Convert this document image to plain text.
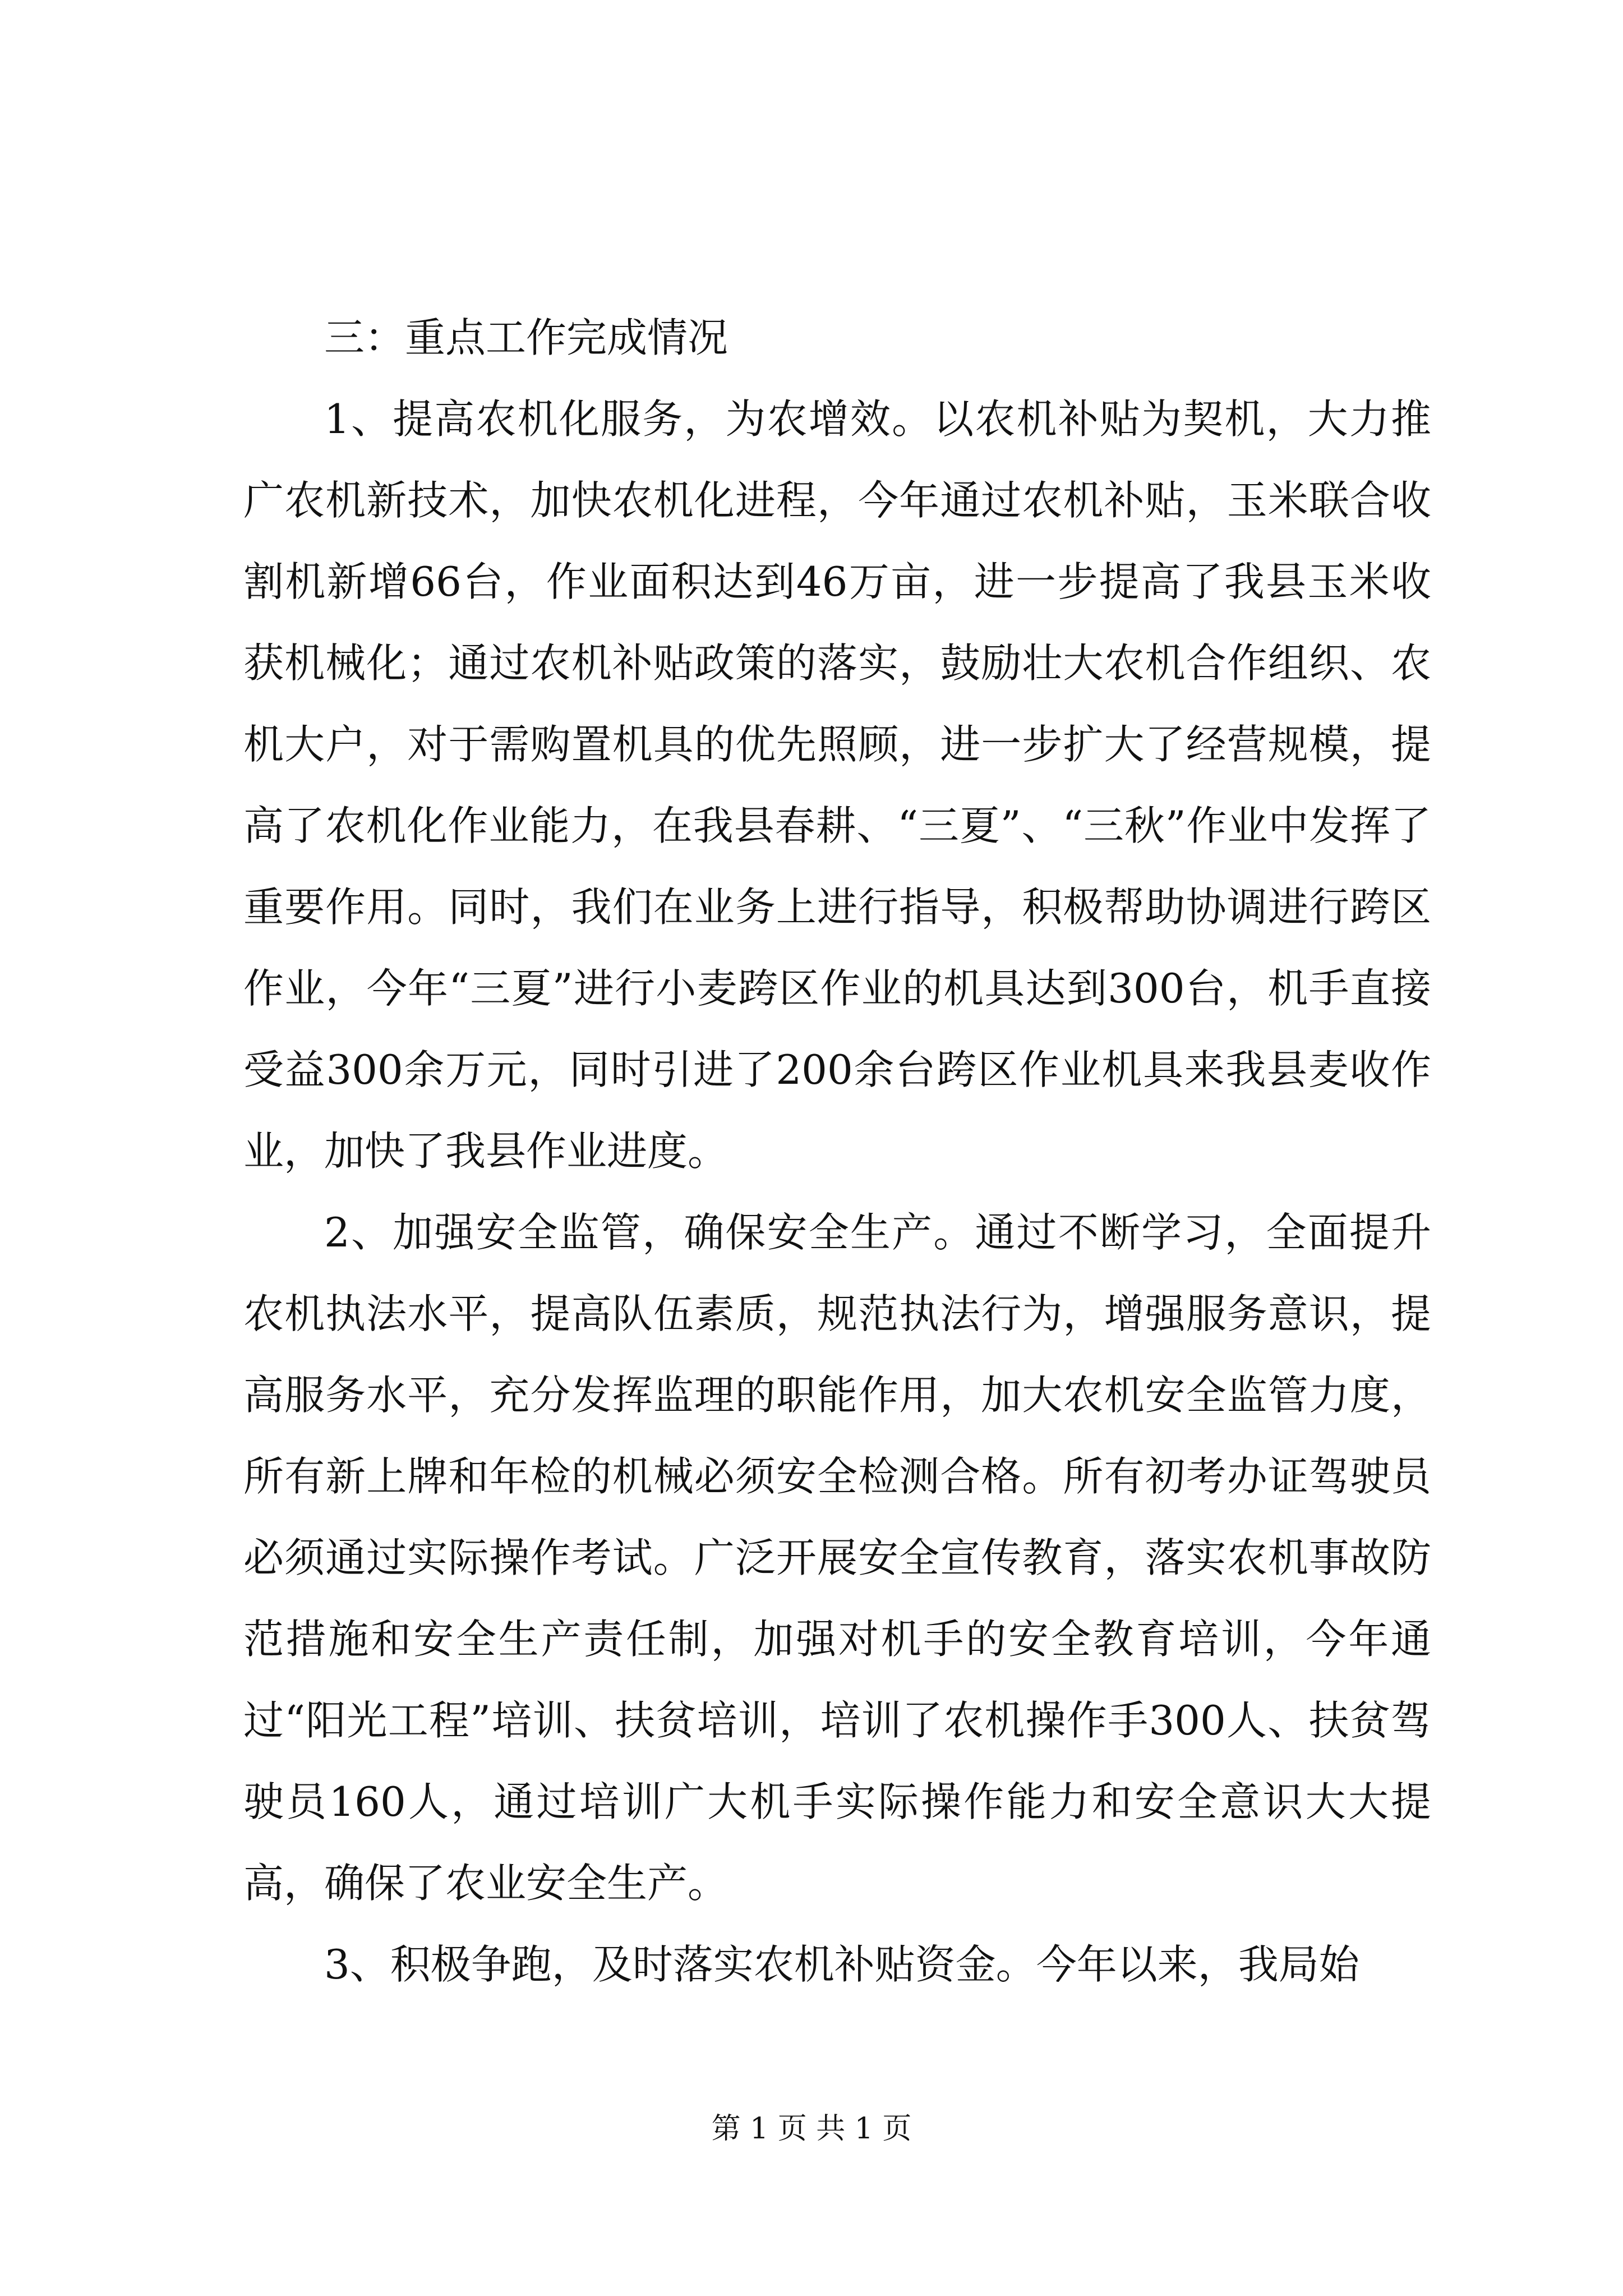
三：重点工作完成情况

1、提高农机化服务，为农增效。以农机补贴为契机，大力推广农机新技术，加快农机化进程，今年通过农机补贴，玉米联合收割机新增66台，作业面积达到46万亩，进一步提高了我县玉米收获机械化；通过农机补贴政策的落实，鼓励壮大农机合作组织、农机大户，对于需购置机具的优先照顾，进一步扩大了经营规模，提高了农机化作业能力，在我县春耕、“三夏”、“三秋”作业中发挥了重要作用。同时，我们在业务上进行指导，积极帮助协调进行跨区作业，今年“三夏”进行小麦跨区作业的机具达到300台，机手直接受益300余万元，同时引进了200余台跨区作业机具来我县麦收作业，加快了我县作业进度。

2、加强安全监管，确保安全生产。通过不断学习，全面提升农机执法水平，提高队伍素质，规范执法行为，增强服务意识，提高服务水平，充分发挥监理的职能作用，加大农机安全监管力度，所有新上牌和年检的机械必须安全检测合格。所有初考办证驾驶员必须通过实际操作考试。广泛开展安全宣传教育，落实农机事故防范措施和安全生产责任制，加强对机手的安全教育培训，今年通过“阳光工程”培训、扶贫培训，培训了农机操作手300人、扶贫驾驶员160人，通过培训广大机手实际操作能力和安全意识大大提高，确保了农业安全生产。

3、积极争跑，及时落实农机补贴资金。今年以来，我局始

第 1 页 共 1 页
